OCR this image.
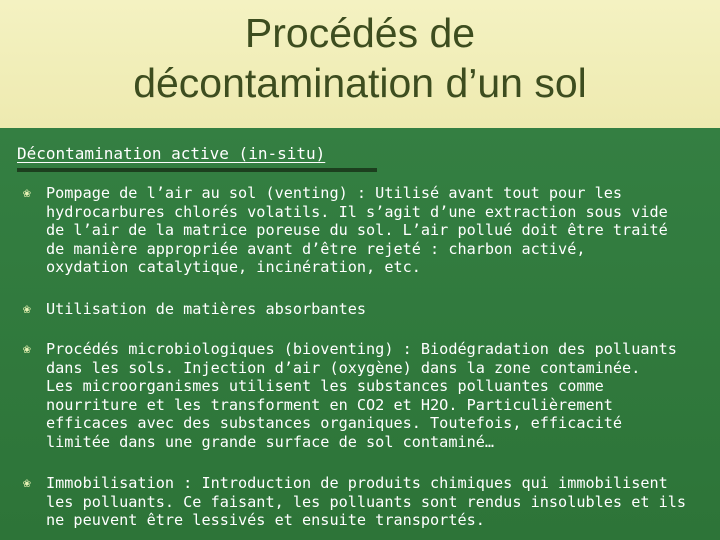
Procédés de
décontamination d’un sol
Décontamination active (in-situ)
❀ Pompage de l’air au sol (venting) : Utilisé avant tout pour les
hydrocarbures chlorés volatils. Il s’agit d’une extraction sous vide
de l’air de la matrice poreuse du sol. L’air pollué doit être traité
de manière appropriée avant d’être rejeté : charbon activé,
oxydation catalytique, incinération, etc.
❀ Utilisation de matières absorbantes
❀ Procédés microbiologiques (bioventing) : Biodégradation des polluants
dans les sols. Injection d’air (oxygène) dans la zone contaminée.
Les microorganismes utilisent les substances polluantes comme
nourriture et les transforment en CO2 et H2O. Particulièrement
efficaces avec des substances organiques. Toutefois, efficacité
limitée dans une grande surface de sol contaminé…
❀ Immobilisation : Introduction de produits chimiques qui immobilisent
les polluants. Ce faisant, les polluants sont rendus insolubles et ils
ne peuvent être lessivés et ensuite transportés.
